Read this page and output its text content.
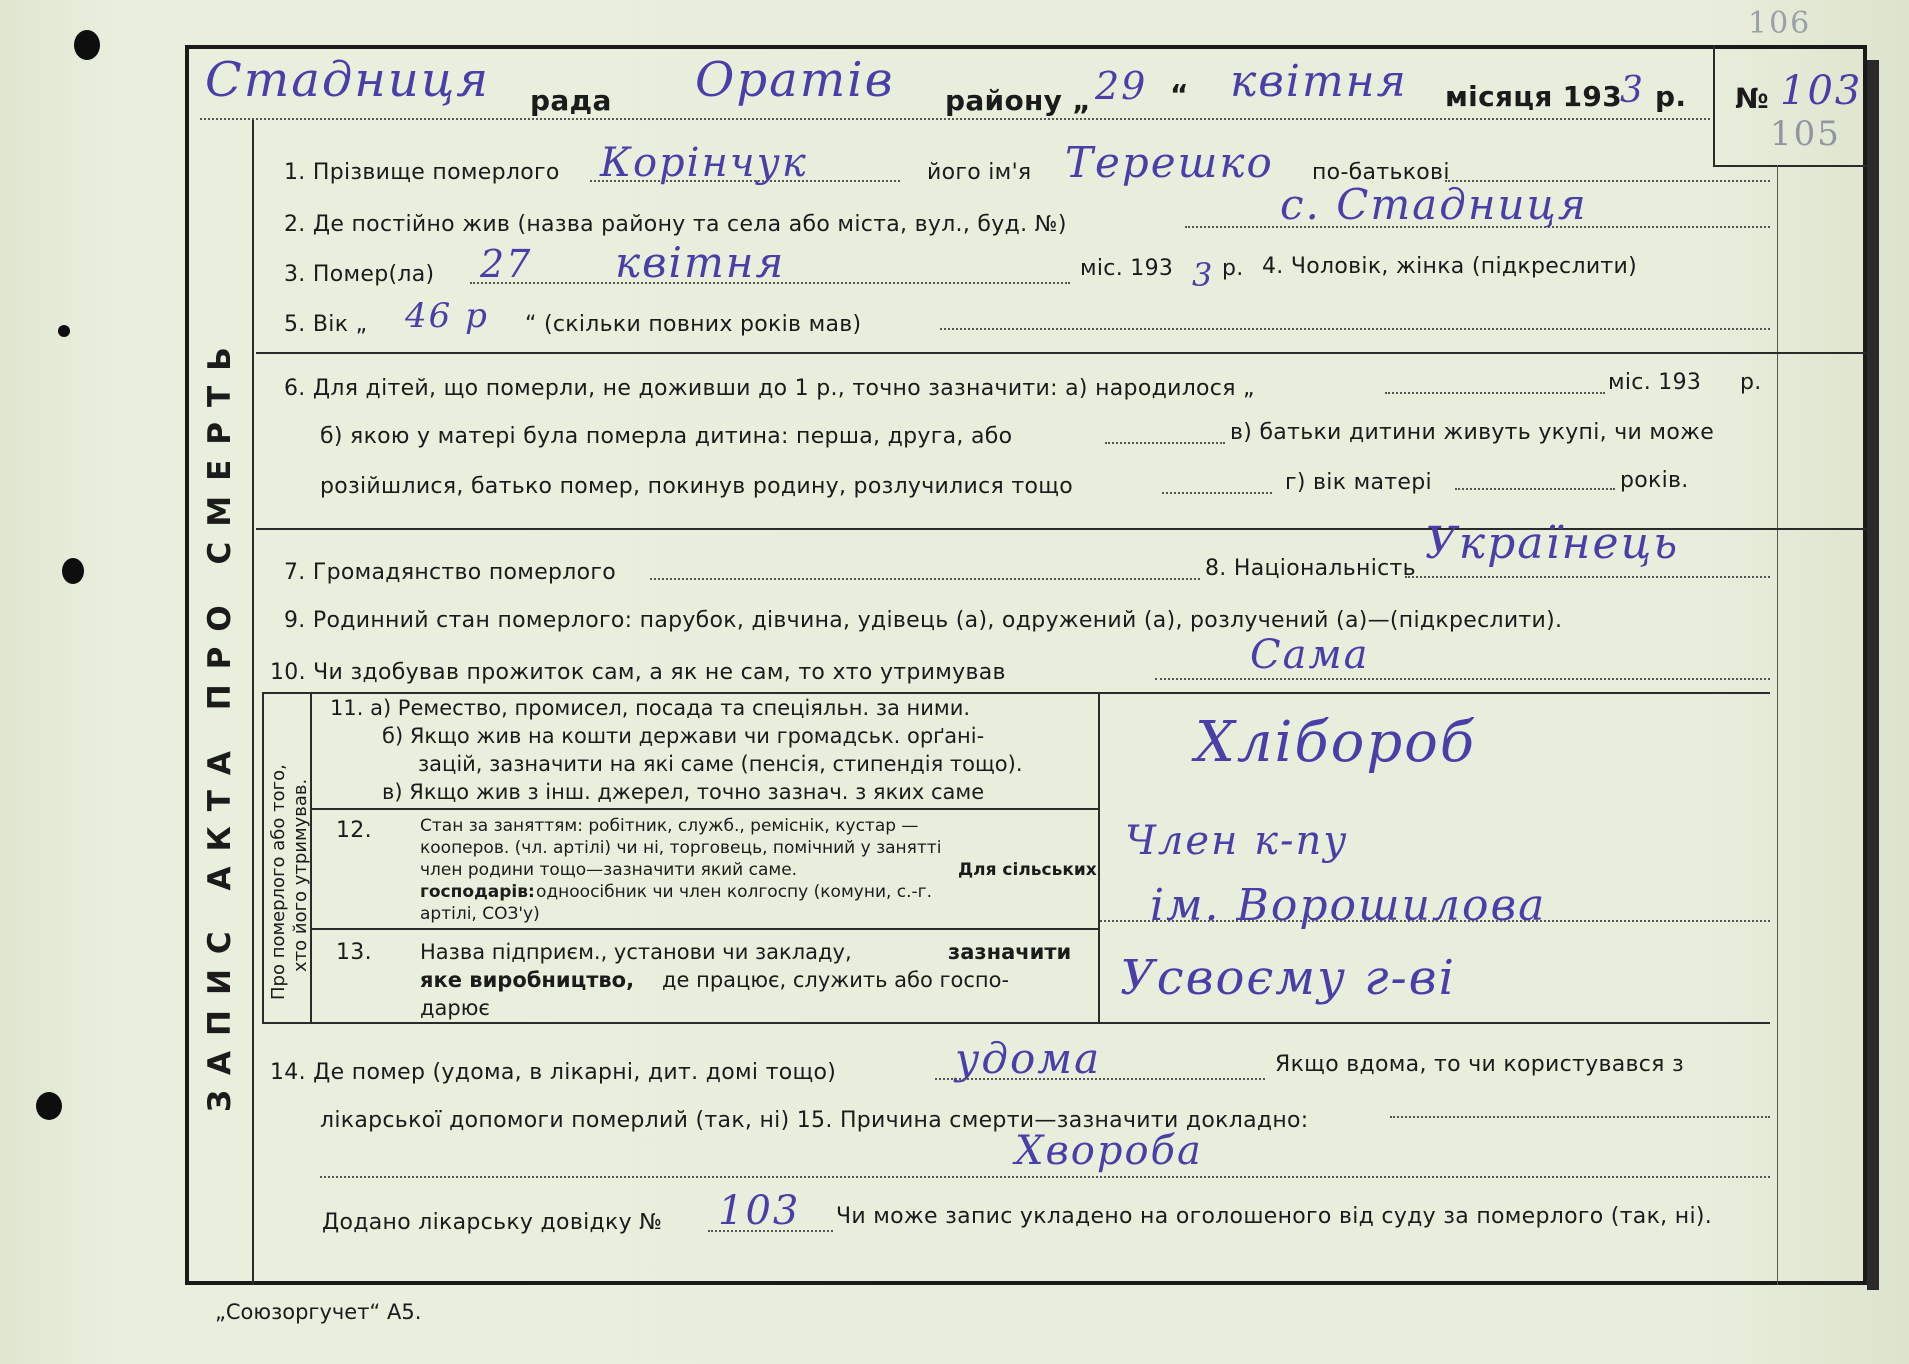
106
105
Стадниця рада Оратів району „ 29 “ квітня місяця 193
3 р. № 103
ЗАПИС АКТА ПРО СМЕРТЬ
1. Прізвище померлого Корінчук	його ім'я Терешко по-батькові
2. Де постійно жив (назва району та села або міста, вул., буд. №)	с. Стадниця
3. Помер(ла) 27 квітня	міс. 193 3 р. 4. Чоловік, жінка (підкреслити)
5. Вік „ 46 р “ (скільки повних років мав)
6. Для дітей, що померли, не доживши до 1 р., точно зазначити: а) народилося „	міс. 193 р.
б) якою у матері була померла дитина: перша, друга, або	в) батьки дитини живуть укупі, чи може
розійшлися, батько помер, покинув родину, розлучилися тощо	г) вік матері	років.
7. Громадянство померлого	8. Національність Українець
9. Родинний стан померлого: парубок, дівчина, удівець (а), одружений (а), розлучений (а)—(підкреслити).
10. Чи здобував прожиток сам, а як не сам, то хто утримував	Сама
Про померлого або того, хто його утримував.
11. а) Ремество, промисел, посада та спеціяльн. за ними.
б) Якщо жив на кошти держави чи громадськ. орґані-
зацій, зазначити на які саме (пенсія, стипендія тощо).
в) Якщо жив з інш. джерел, точно зазнач. з яких саме
Хлібороб
12.	Стан за заняттям: робітник, служб., реміснік, кустар —
кооперов. (чл. артілі) чи ні, торговець, помічний у занятті
член родини тощо—зазначити який саме.	Для сільських
господарів: одноосібник чи член колгоспу (комуни, с.-г.
артілі, СОЗ'у)
Член к-пу
ім. Ворошилова
13. Назва підприєм., установи чи закладу,	зазначити
яке виробництво, де працює, служить або госпо-
дарює
Усвоєму г-ві
14. Де помер (удома, в лікарні, дит. домі тощо)	удома	Якщо вдома, то чи користувався з
лікарської допомоги померлий (так, ні) 15. Причина смерти—зазначити докладно:
Хвороба
Додано лікарську довідку № 103 Чи може запис укладено на оголошеного від суду за померлого (так, ні).
„Союзоргучет“ А5.
